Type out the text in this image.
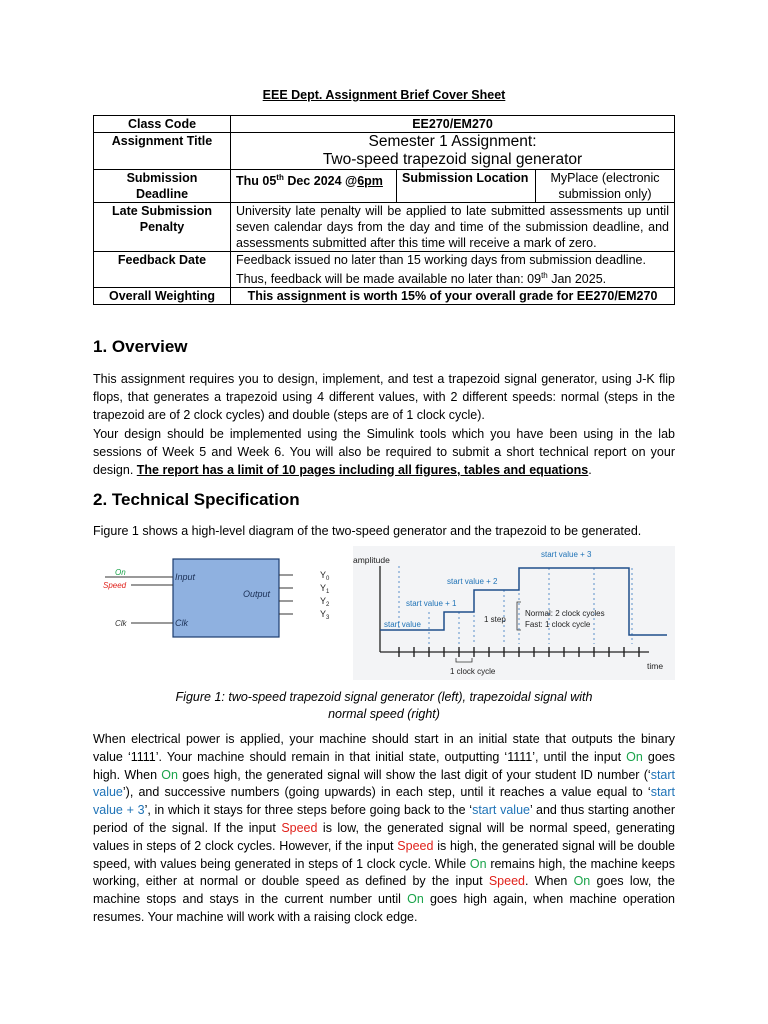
EEE Dept. Assignment Brief Cover Sheet
Class Code	EE270/EM270		
Assignment Title	Semester 1 Assignment:
Two-speed trapezoid signal generator		

Submission Deadline	Thu 05th Dec 2024 @6pm	Submission Location	MyPlace (electronic
submission only)

Late Submission
Penalty	University late penalty will be applied to late submitted assessments up until seven calendar days from the day and time of the submission deadline, and assessments submitted after this time will receive a mark of zero.		
Feedback Date	Feedback issued no later than 15 working days from submission deadline.
Thus, feedback will be made available no later than: 09th Jan 2025.		

Overall Weighting	This assignment is worth 15% of your overall grade for EE270/EM270		
1. Overview

This assignment requires you to design, implement, and test a trapezoid signal generator, using J-K flip flops, that generates a trapezoid using 4 different values, with 2 different speeds: normal (steps in the trapezoid are of 2 clock cycles) and double (steps are of 1 clock cycle).

Your design should be implemented using the Simulink tools which you have been using in the lab sessions of Week 5 and Week 6. You will also be required to submit a short technical report on your design. The report has a limit of 10 pages including all figures, tables and equations.

2. Technical Specification

Figure 1 shows a high-level diagram of the two-speed generator and the trapezoid to be generated.

On
Speed
Clk
Input
Output
Clk
$Y_0$
$Y_1$
$Y_2$
$Y_3$
amplitude
start value
start value + 1
start value + 2
start value + 3
1 step
Normal: 2 clock cycles
Fast: 1 clock cycle
1 clock cycle
time
Figure 1: two-speed trapezoid signal generator (left), trapezoidal signal with
normal speed (right)

When electrical power is applied, your machine should start in an initial state that outputs the binary value ‘1111’. Your machine should remain in that initial state, outputting ‘1111’, until the input On goes high. When On goes high, the generated signal will show the last digit of your student ID number (‘start value’), and successive numbers (going upwards) in each step, until it reaches a value equal to ‘start value + 3’, in which it stays for three steps before going back to the ‘start value’ and thus starting another period of the signal. If the input Speed is low, the generated signal will be normal speed, generating values in steps of 2 clock cycles. However, if the input Speed is high, the generated signal will be double speed, with values being generated in steps of 1 clock cycle. While On remains high, the machine keeps working, either at normal or double speed as defined by the input Speed. When On goes low, the machine stops and stays in the current number until On goes high again, when machine operation resumes. Your machine will work with a raising clock edge.
